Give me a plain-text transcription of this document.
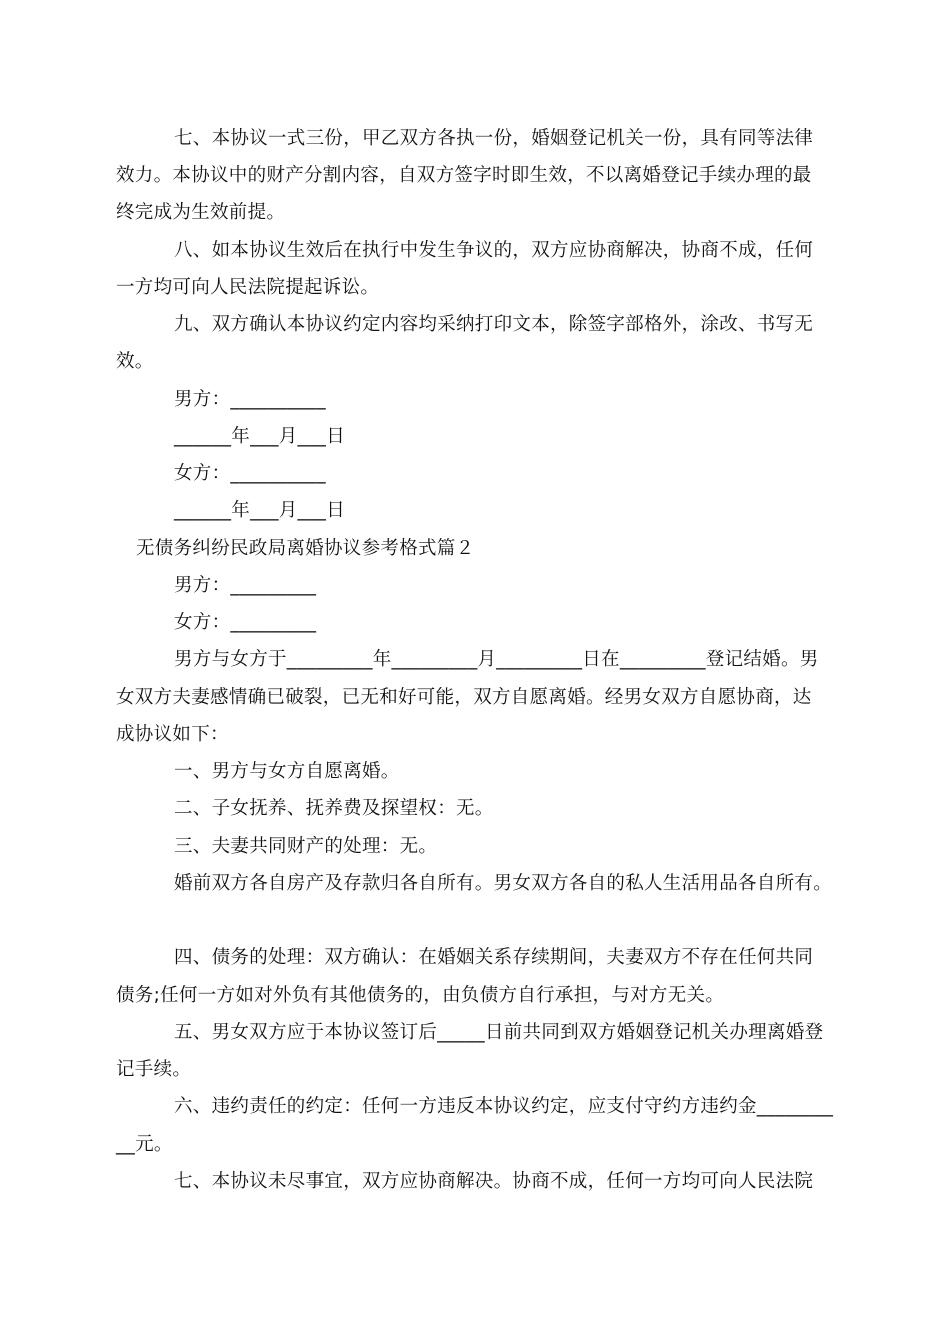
七、本协议一式三份，甲乙双方各执一份，婚姻登记机关一份，具有同等法律
效力。本协议中的财产分割内容，自双方签字时即生效，不以离婚登记手续办理的最
终完成为生效前提。
八、如本协议生效后在执行中发生争议的，双方应协商解决，协商不成，任何
一方均可向人民法院提起诉讼。
九、双方确认本协议约定内容均采纳打印文本，除签字部格外，涂改、书写无
效。
男方：__________
______年___月___日
女方：__________
______年___月___日
无债务纠纷民政局离婚协议参考格式篇２
男方：_________
女方：_________
男方与女方于_________年_________月_________日在_________登记结婚。男
女双方夫妻感情确已破裂，已无和好可能，双方自愿离婚。经男女双方自愿协商，达
成协议如下：
一、男方与女方自愿离婚。
二、子女抚养、抚养费及探望权：无。
三、夫妻共同财产的处理：无。
婚前双方各自房产及存款归各自所有。男女双方各自的私人生活用品各自所有。
四、债务的处理：双方确认：在婚姻关系存续期间，夫妻双方不存在任何共同
债务;任何一方如对外负有其他债务的，由负债方自行承担，与对方无关。
五、男女双方应于本协议签订后_____日前共同到双方婚姻登记机关办理离婚登
记手续。
六、违约责任的约定：任何一方违反本协议约定，应支付守约方违约金________
__元。
七、本协议未尽事宜，双方应协商解决。协商不成，任何一方均可向人民法院
